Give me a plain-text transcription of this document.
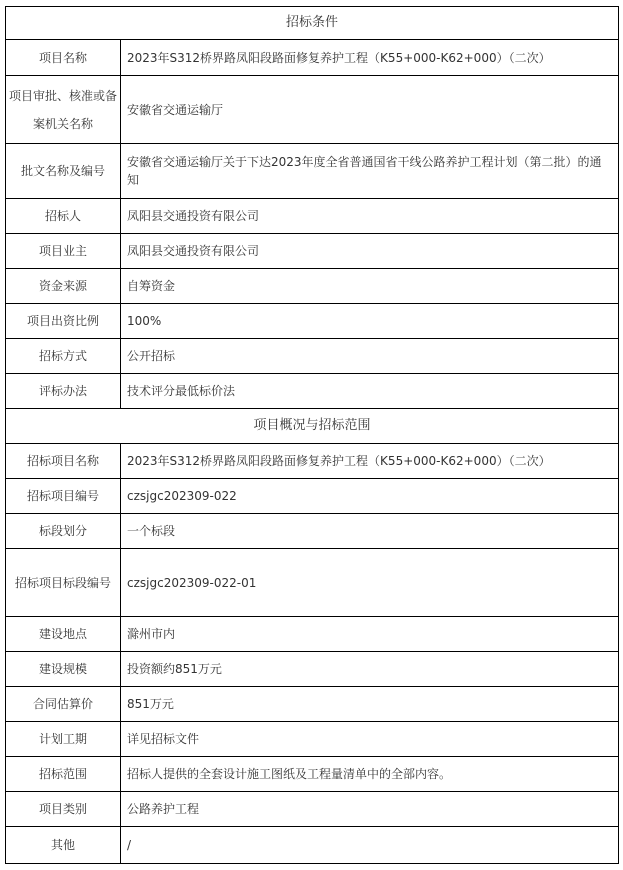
招标条件	
项目名称	2023年S312桥界路凤阳段路面修复养护工程（K55+000-K62+000）（二次）
项目审批、核准或备案机关名称	安徽省交通运输厅
批文名称及编号	安徽省交通运输厅关于下达2023年度全省普通国省干线公路养护工程计划（第二批）的通知
招标人	凤阳县交通投资有限公司
项目业主	凤阳县交通投资有限公司
资金来源	自筹资金
项目出资比例	100%
招标方式	公开招标
评标办法	技术评分最低标价法
项目概况与招标范围	
招标项目名称	2023年S312桥界路凤阳段路面修复养护工程（K55+000-K62+000）（二次）
招标项目编号	czsjgc202309-022
标段划分	一个标段
招标项目标段编号	czsjgc202309-022-01
建设地点	滁州市内
建设规模	投资额约851万元
合同估算价	851万元
计划工期	详见招标文件
招标范围	招标人提供的全套设计施工图纸及工程量清单中的全部内容。
项目类别	公路养护工程
其他	/
